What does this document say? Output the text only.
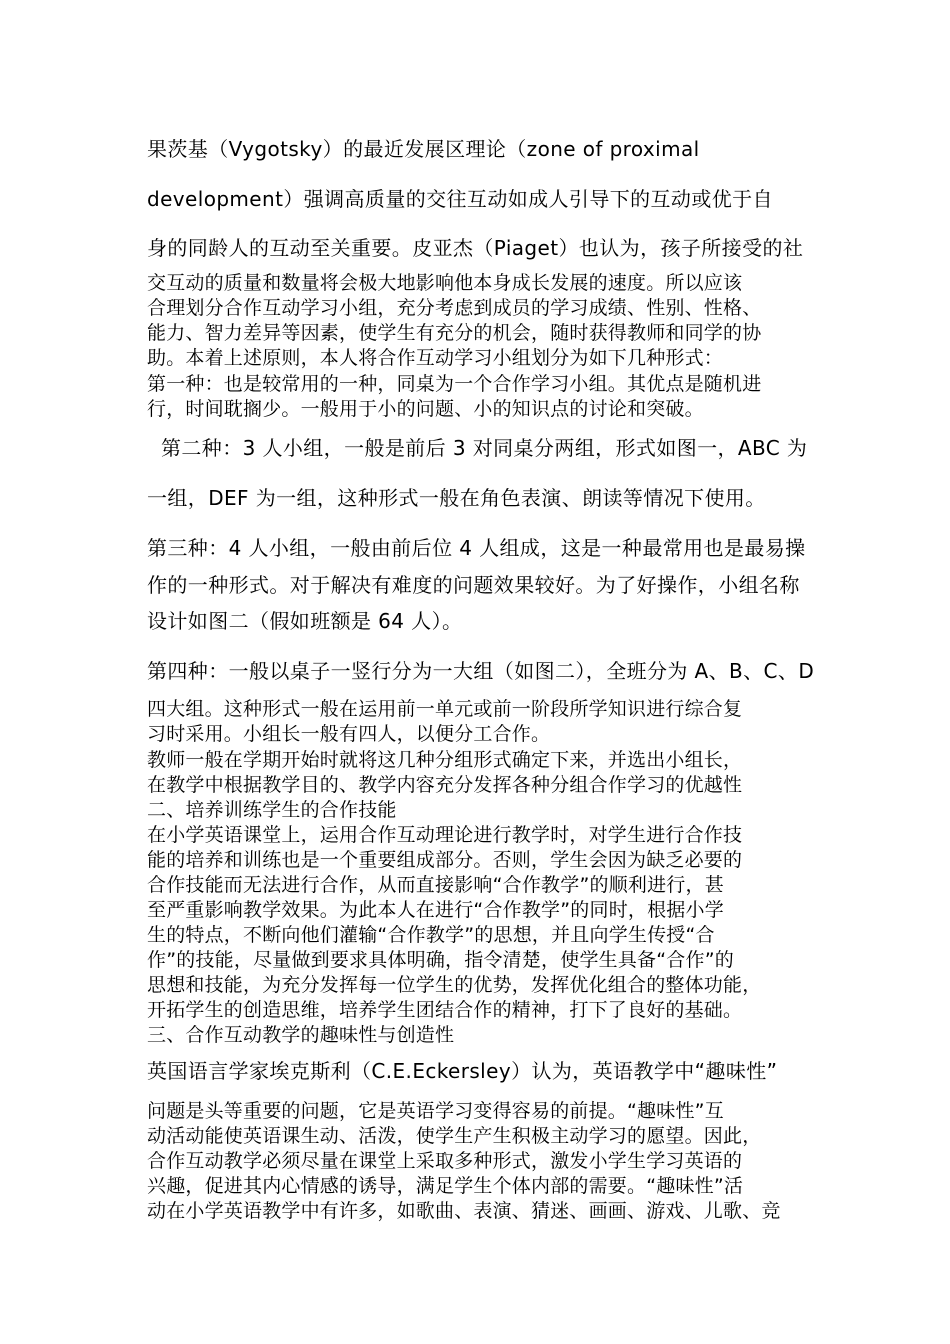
果茨基（Vygotsky）的最近发展区理论（zone of proximal

development）强调高质量的交往互动如成人引导下的互动或优于自

身的同龄人的互动至关重要。皮亚杰（Piaget）也认为，孩子所接受的社

交互动的质量和数量将会极大地影响他本身成长发展的速度。所以应该

合理划分合作互动学习小组，充分考虑到成员的学习成绩、性别、性格、

能力、智力差异等因素，使学生有充分的机会，随时获得教师和同学的协

助。本着上述原则，本人将合作互动学习小组划分为如下几种形式：

第一种：也是较常用的一种，同桌为一个合作学习小组。其优点是随机进

行，时间耽搁少。一般用于小的问题、小的知识点的讨论和突破。

第二种：3 人小组，一般是前后 3 对同桌分两组，形式如图一，ABC 为

一组，DEF 为一组，这种形式一般在角色表演、朗读等情况下使用。

第三种：4 人小组，一般由前后位 4 人组成，这是一种最常用也是最易操

作的一种形式。对于解决有难度的问题效果较好。为了好操作，小组名称

设计如图二（假如班额是 64 人）。

第四种：一般以桌子一竖行分为一大组（如图二），全班分为 A、B、C、D

四大组。这种形式一般在运用前一单元或前一阶段所学知识进行综合复

习时采用。小组长一般有四人，以便分工合作。

教师一般在学期开始时就将这几种分组形式确定下来，并选出小组长，

在教学中根据教学目的、教学内容充分发挥各种分组合作学习的优越性

二、培养训练学生的合作技能

在小学英语课堂上，运用合作互动理论进行教学时，对学生进行合作技

能的培养和训练也是一个重要组成部分。否则，学生会因为缺乏必要的

合作技能而无法进行合作，从而直接影响“合作教学”的顺利进行，甚

至严重影响教学效果。为此本人在进行“合作教学”的同时，根据小学

生的特点，不断向他们灌输“合作教学”的思想，并且向学生传授“合

作”的技能，尽量做到要求具体明确，指令清楚，使学生具备“合作”的

思想和技能，为充分发挥每一位学生的优势，发挥优化组合的整体功能，

开拓学生的创造思维，培养学生团结合作的精神，打下了良好的基础。

三、合作互动教学的趣味性与创造性

英国语言学家埃克斯利（C.E.Eckersley）认为，英语教学中“趣味性”

问题是头等重要的问题，它是英语学习变得容易的前提。“趣味性”互

动活动能使英语课生动、活泼，使学生产生积极主动学习的愿望。因此，

合作互动教学必须尽量在课堂上采取多种形式，激发小学生学习英语的

兴趣，促进其内心情感的诱导，满足学生个体内部的需要。“趣味性”活

动在小学英语教学中有许多，如歌曲、表演、猜迷、画画、游戏、儿歌、竞
